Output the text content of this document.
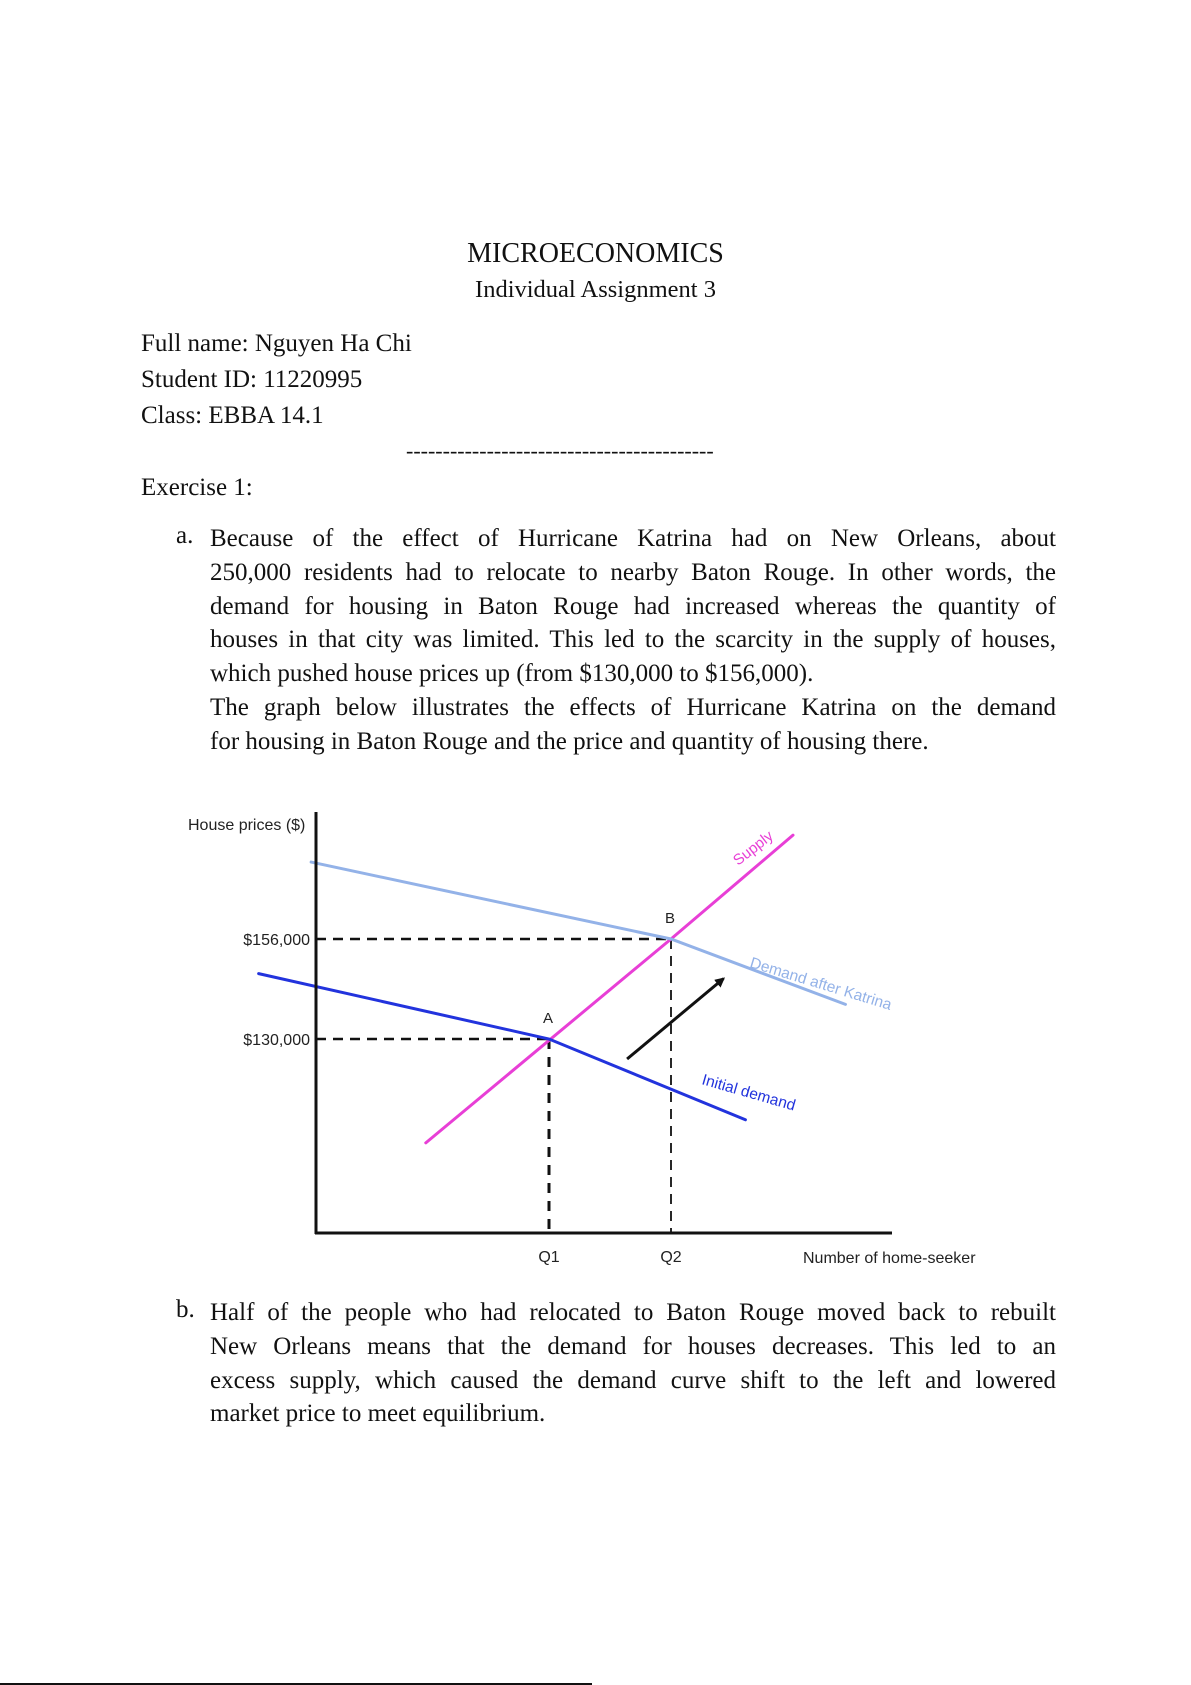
MICROECONOMICS
Individual Assignment 3
Full name: Nguyen Ha Chi
Student ID: 11220995
Class: EBBA 14.1
------------------------------------------
Exercise 1:
a. Because of the effect of Hurricane Katrina had on New Orleans, about
250,000 residents had to relocate to nearby Baton Rouge. In other words, the
demand for housing in Baton Rouge had increased whereas the quantity of
houses in that city was limited. This led to the scarcity in the supply of houses,
which pushed house prices up (from $130,000 to $156,000).
The graph below illustrates the effects of Hurricane Katrina on the demand
for housing in Baton Rouge and the price and quantity of housing there.
House prices ($)
Number of home-seeker
$156,000
$130,000
Q1	Q2
A
B
Supply
Demand after Katrina
Initial demand
b. Half of the people who had relocated to Baton Rouge moved back to rebuilt
New Orleans means that the demand for houses decreases. This led to an
excess supply, which caused the demand curve shift to the left and lowered
market price to meet equilibrium.
